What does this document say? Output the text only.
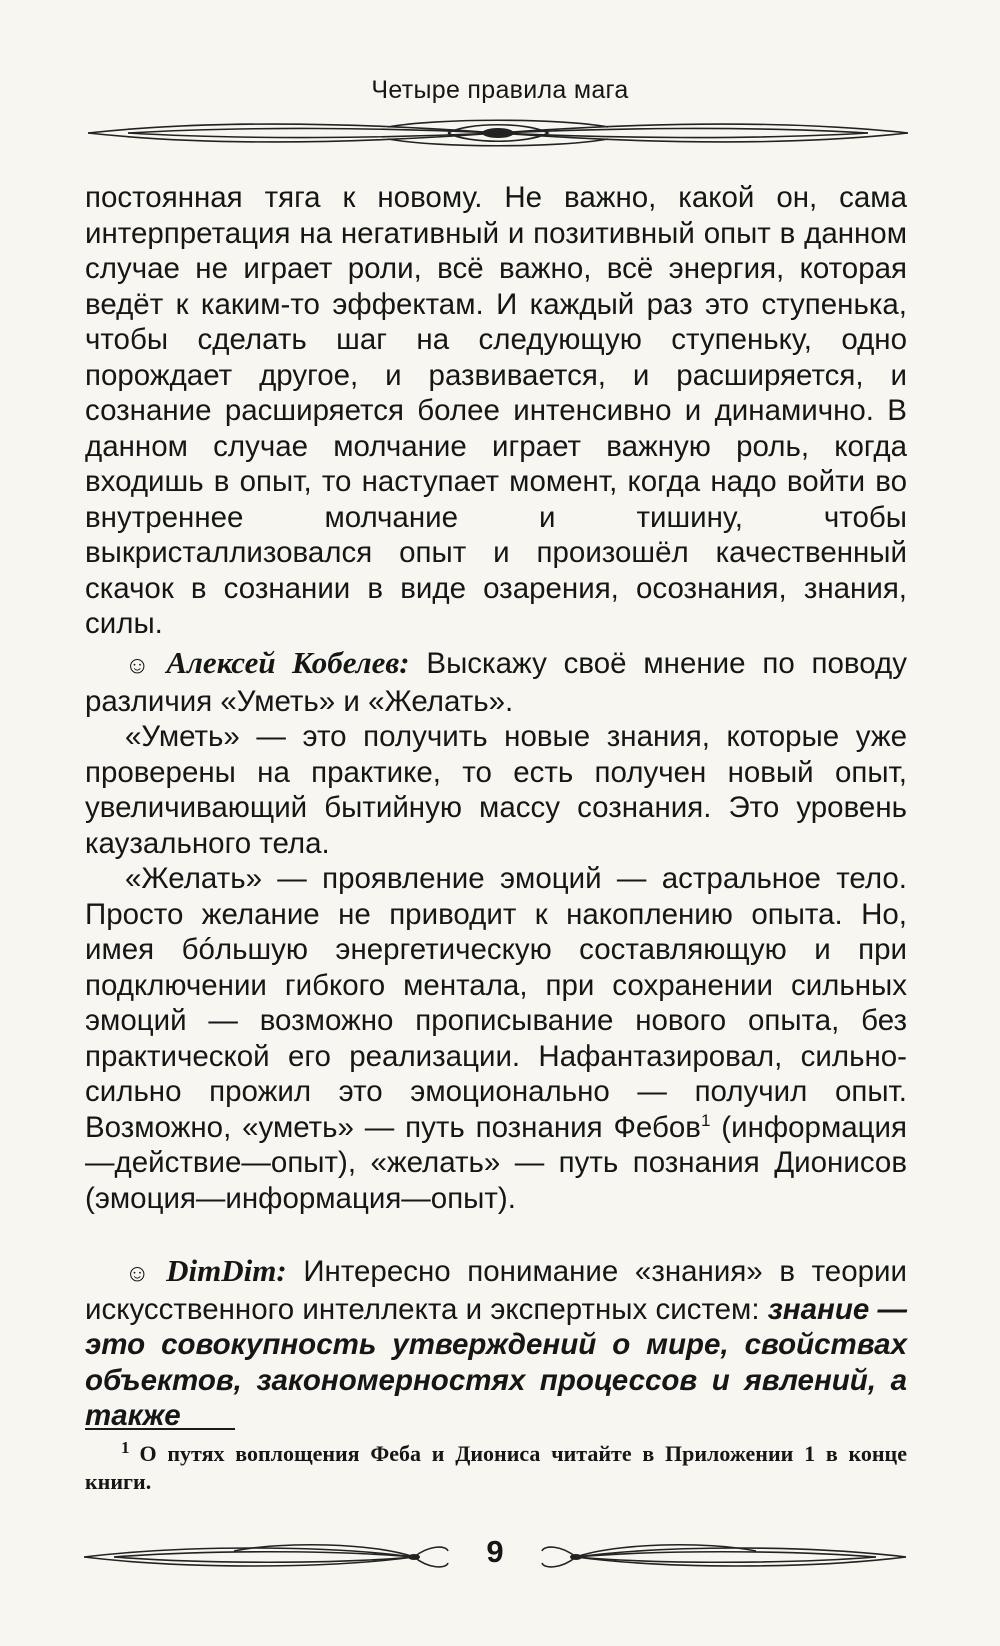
Четыре правила мага

постоянная тяга к новому. Не важно, какой он, сама интерпретация на негативный и позитивный опыт в данном случае не играет роли, всё важно, всё энергия, которая ведёт к каким-то эффектам. И каждый раз это ступенька, чтобы сделать шаг на следующую ступеньку, одно порождает другое, и развивается, и расширяется, и сознание расширяется более интенсивно и динамично. В данном случае молчание играет важную роль, когда входишь в опыт, то наступает момент, когда надо войти во внутреннее молчание и тишину, чтобы выкристаллизовался опыт и произошёл качественный скачок в сознании в виде озарения, осознания, знания, силы.

☺ Алексей Кобелев: Выскажу своё мнение по поводу различия «Уметь» и «Желать».

«Уметь» — это получить новые знания, которые уже проверены на практике, то есть получен новый опыт, увеличивающий бытийную массу сознания. Это уровень каузального тела.

«Желать» — проявление эмоций — астральное тело. Просто желание не приводит к накоплению опыта. Но, имея бóльшую энергетическую составляющую и при подключении гибкого ментала, при сохранении сильных эмоций — возможно прописывание нового опыта, без практической его реализации. Нафантазировал, сильно-сильно прожил это эмоционально — получил опыт. Возможно, «уметь» — путь познания Фебов$^1$ (информация—действие—опыт), «желать» — путь познания Дионисов (эмоция—информация—опыт).

☺ DimDim: Интересно понимание «знания» в теории искусственного интеллекта и экспертных систем: знание — это совокупность утверждений о мире, свойствах объектов, закономерностях процессов и явлений, а также

1 О путях воплощения Феба и Диониса читайте в Приложении 1 в конце книги.
9
